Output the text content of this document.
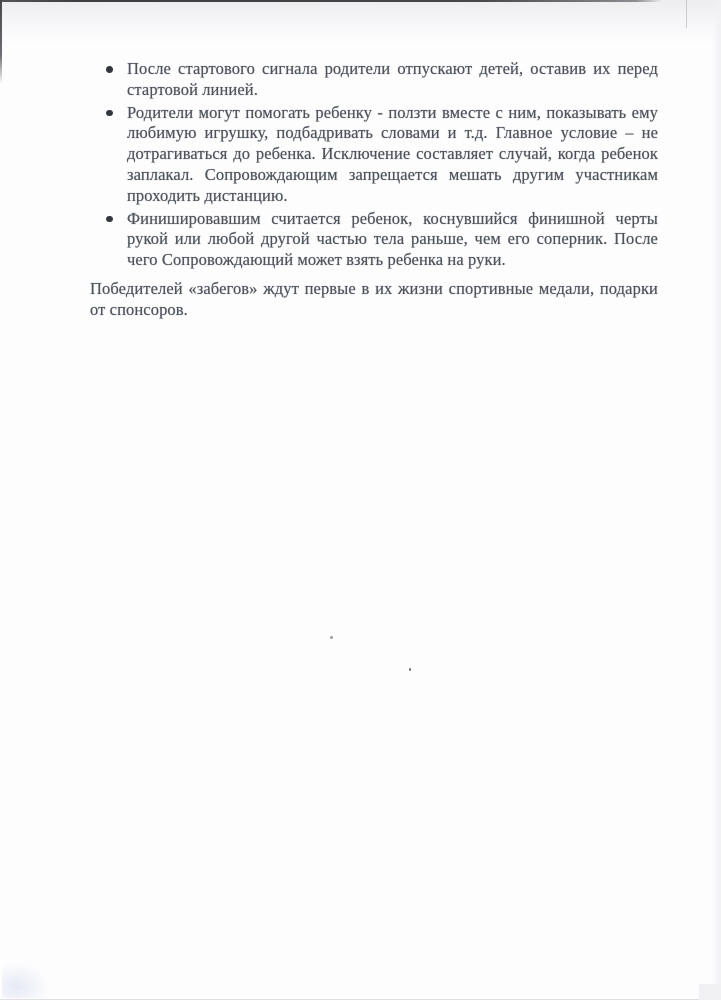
После стартового сигнала родители отпускают детей, оставив их перед стартовой линией.
Родители могут помогать ребенку - ползти вместе с ним, показывать ему любимую игрушку, подбадривать словами и т.д. Главное условие – не дотрагиваться до ребенка. Исключение составляет случай, когда ребенок заплакал. Сопровождающим запрещается мешать другим участникам проходить дистанцию.
Финишировавшим считается ребенок, коснувшийся финишной черты рукой или любой другой частью тела раньше, чем его соперник. После чего Сопровождающий может взять ребенка на руки.

Победителей «забегов» ждут первые в их жизни спортивные медали, подарки от спонсоров.
